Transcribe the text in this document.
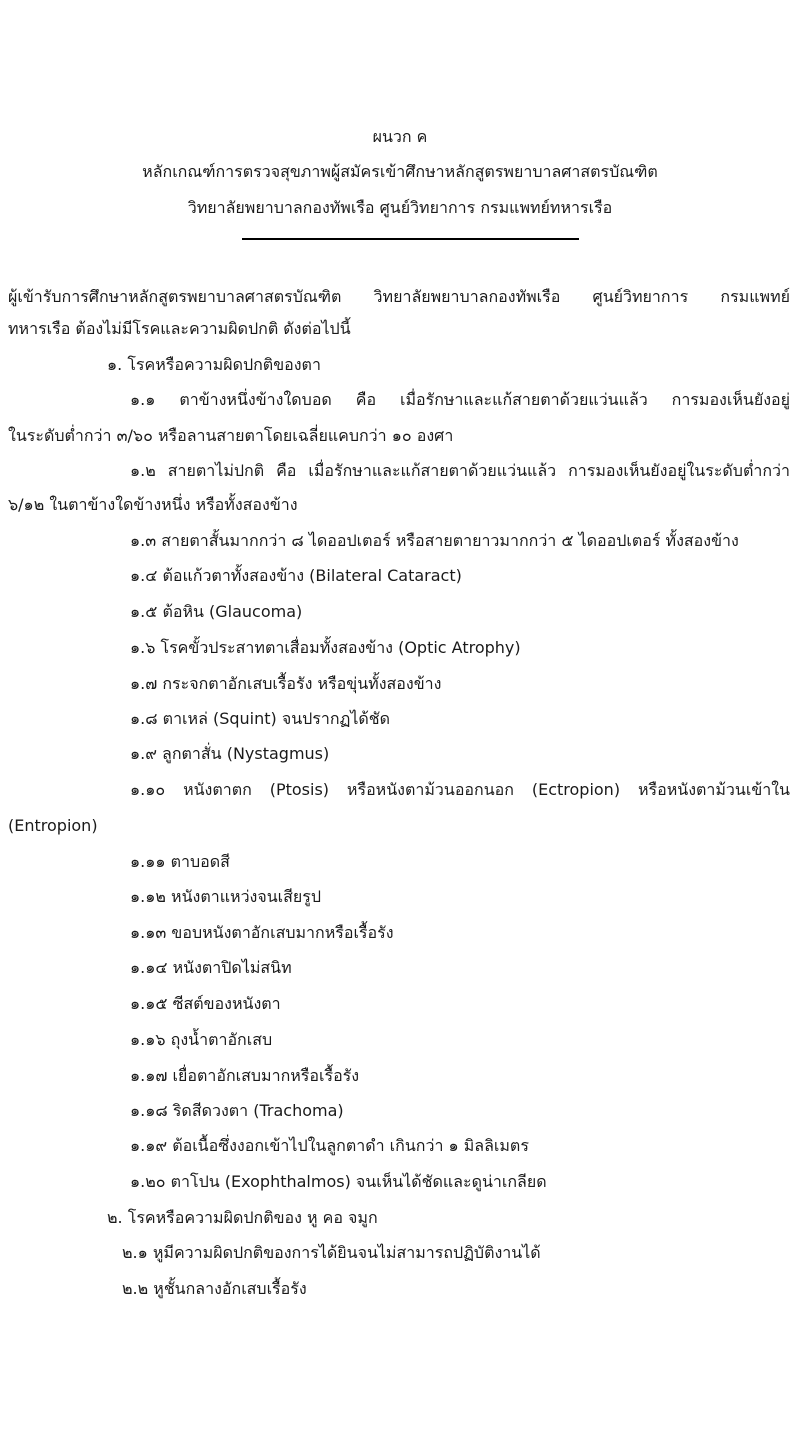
ผนวก ค
หลักเกณฑ์การตรวจสุขภาพผู้สมัครเข้าศึกษาหลักสูตรพยาบาลศาสตรบัณฑิต
วิทยาลัยพยาบาลกองทัพเรือ ศูนย์วิทยาการ กรมแพทย์ทหารเรือ
ผู้เข้ารับการศึกษาหลักสูตรพยาบาลศาสตรบัณฑิต วิทยาลัยพยาบาลกองทัพเรือ ศูนย์วิทยาการ กรมแพทย์
ทหารเรือ ต้องไม่มีโรคและความผิดปกติ ดังต่อไปนี้
๑. โรคหรือความผิดปกติของตา
๑.๑ ตาข้างหนึ่งข้างใดบอด คือ เมื่อรักษาและแก้สายตาด้วยแว่นแล้ว การมองเห็นยังอยู่
ในระดับต่ำกว่า ๓/๖๐ หรือลานสายตาโดยเฉลี่ยแคบกว่า ๑๐ องศา
๑.๒ สายตาไม่ปกติ คือ เมื่อรักษาและแก้สายตาด้วยแว่นแล้ว การมองเห็นยังอยู่ในระดับต่ำกว่า
๖/๑๒ ในตาข้างใดข้างหนึ่ง หรือทั้งสองข้าง
๑.๓ สายตาสั้นมากกว่า ๘ ไดออปเตอร์ หรือสายตายาวมากกว่า ๕ ไดออปเตอร์ ทั้งสองข้าง
๑.๔ ต้อแก้วตาทั้งสองข้าง (Bilateral Cataract)
๑.๕ ต้อหิน (Glaucoma)
๑.๖ โรคขั้วประสาทตาเสื่อมทั้งสองข้าง (Optic Atrophy)
๑.๗ กระจกตาอักเสบเรื้อรัง หรือขุ่นทั้งสองข้าง
๑.๘ ตาเหล่ (Squint) จนปรากฏได้ชัด
๑.๙ ลูกตาสั่น (Nystagmus)
๑.๑๐ หนังตาตก (Ptosis) หรือหนังตาม้วนออกนอก (Ectropion) หรือหนังตาม้วนเข้าใน
(Entropion)
๑.๑๑ ตาบอดสี
๑.๑๒ หนังตาแหว่งจนเสียรูป
๑.๑๓ ขอบหนังตาอักเสบมากหรือเรื้อรัง
๑.๑๔ หนังตาปิดไม่สนิท
๑.๑๕ ซีสต์ของหนังตา
๑.๑๖ ถุงน้ำตาอักเสบ
๑.๑๗ เยื่อตาอักเสบมากหรือเรื้อรัง
๑.๑๘ ริดสีดวงตา (Trachoma)
๑.๑๙ ต้อเนื้อซึ่งงอกเข้าไปในลูกตาดำ เกินกว่า ๑ มิลลิเมตร
๑.๒๐ ตาโปน (Exophthalmos) จนเห็นได้ชัดและดูน่าเกลียด
๒. โรคหรือความผิดปกติของ หู คอ จมูก
๒.๑ หูมีความผิดปกติของการได้ยินจนไม่สามารถปฏิบัติงานได้
๒.๒ หูชั้นกลางอักเสบเรื้อรัง
